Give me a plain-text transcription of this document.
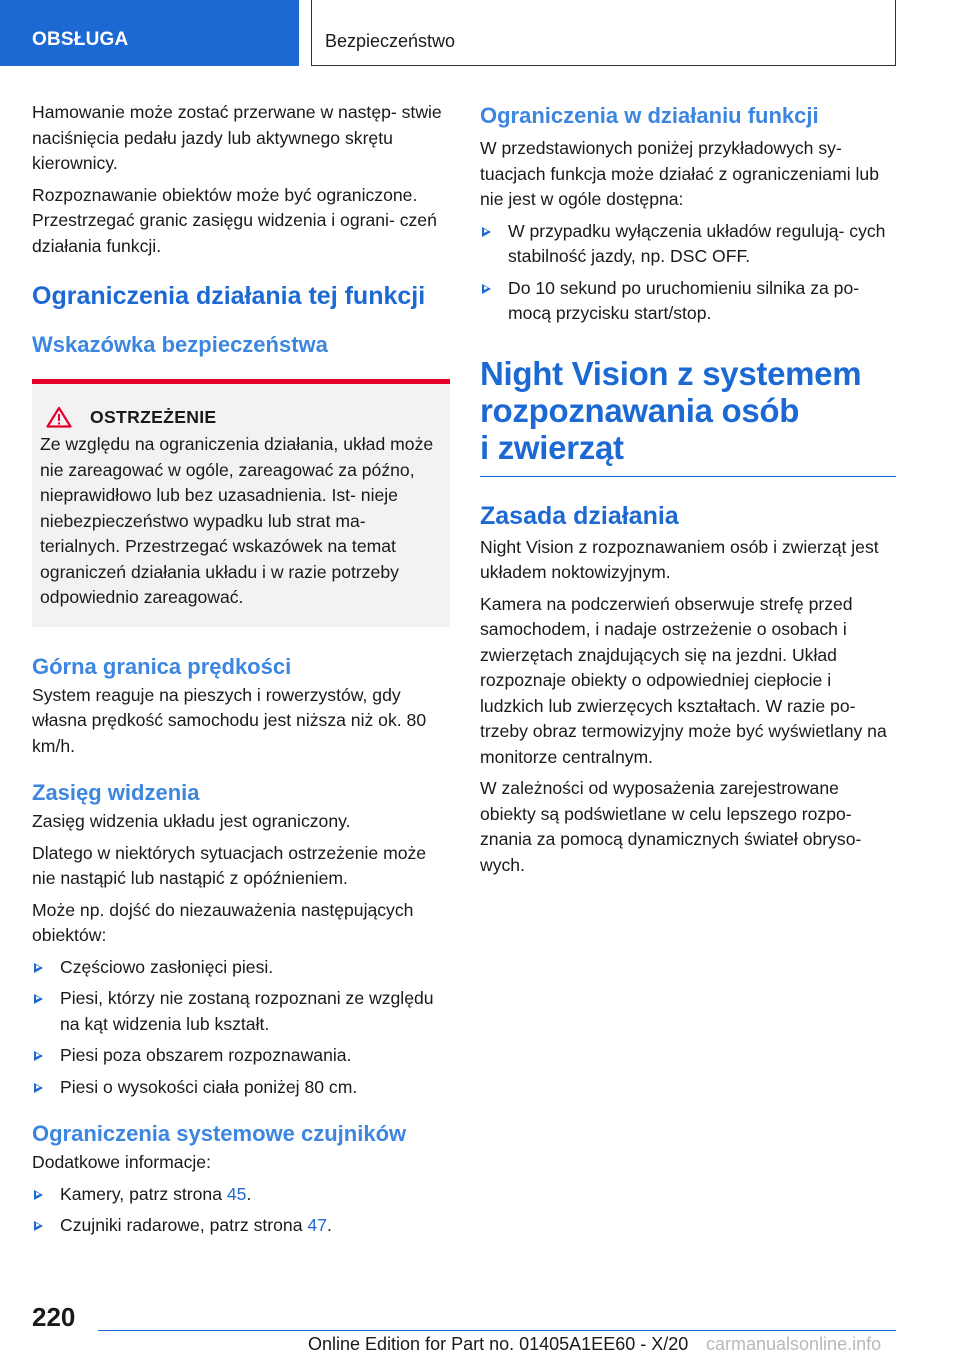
OBSŁUGA	Bezpieczeństwo

Hamowanie może zostać przerwane w następ‐ stwie naciśnięcia pedału jazdy lub aktywnego skrętu kierownicy.

Rozpoznawanie obiektów może być ograniczone. Przestrzegać granic zasięgu widzenia i ograni‐ czeń działania funkcji.

Ograniczenia działania tej funkcji
Wskazówka bezpieczeństwa
OSTRZEŻENIE

Ze względu na ograniczenia działania, układ może nie zareagować w ogóle, zareagować za późno, nieprawidłowo lub bez uzasadnienia. Ist‐ nieje niebezpieczeństwo wypadku lub strat ma‐ terialnych. Przestrzegać wskazówek na temat ograniczeń działania układu i w razie potrzeby odpowiednio zareagować.

Górna granica prędkości

System reaguje na pieszych i rowerzystów, gdy własna prędkość samochodu jest niższa niż ok. 80 km/h.

Zasięg widzenia

Zasięg widzenia układu jest ograniczony.

Dlatego w niektórych sytuacjach ostrzeżenie może nie nastąpić lub nastąpić z opóźnieniem.

Może np. dojść do niezauważenia następujących obiektów:

Częściowo zasłonięci piesi.
Piesi, którzy nie zostaną rozpoznani ze względu na kąt widzenia lub kształt.
Piesi poza obszarem rozpoznawania.
Piesi o wysokości ciała poniżej 80 cm.
Ograniczenia systemowe czujników

Dodatkowe informacje:

Kamery, patrz strona 45.
Czujniki radarowe, patrz strona 47.
Ograniczenia w działaniu funkcji

W przedstawionych poniżej przykładowych sy‐ tuacjach funkcja może działać z ograniczeniami lub nie jest w ogóle dostępna:

W przypadku wyłączenia układów regulują‐ cych stabilność jazdy, np. DSC OFF.
Do 10 sekund po uruchomieniu silnika za po‐ mocą przycisku start/stop.
Night Vision z systemem
rozpoznawania osób
i zwierząt
Zasada działania

Night Vision z rozpoznawaniem osób i zwierząt jest układem noktowizyjnym.

Kamera na podczerwień obserwuje strefę przed samochodem, i nadaje ostrzeżenie o osobach i zwierzętach znajdujących się na jezdni. Układ rozpoznaje obiekty o odpowiedniej ciepłocie i ludzkich lub zwierzęcych kształtach. W razie po‐ trzeby obraz termowizyjny może być wyświetlany na monitorze centralnym.

W zależności od wyposażenia zarejestrowane obiekty są podświetlane w celu lepszego rozpo‐ znania za pomocą dynamicznych świateł obryso‐ wych.

220
Online Edition for Part no. 01405A1EE60 - X/20 carmanualsonline.info
